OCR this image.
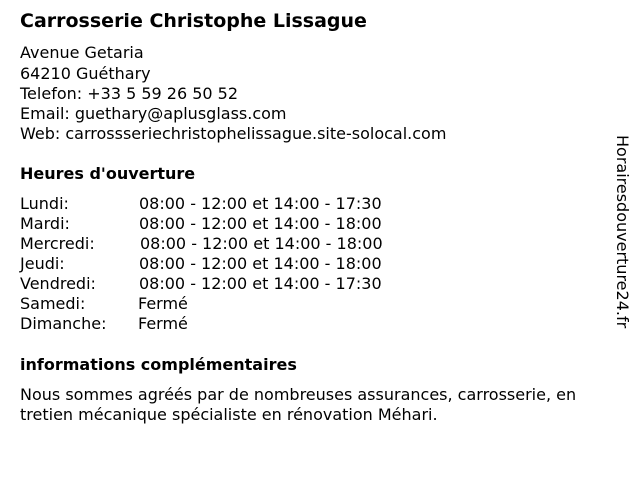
Carrosserie Christophe Lissague
Avenue Getaria
64210 Guéthary
Telefon: +33 5 59 26 50 52
Email: guethary@aplusglass.com
Web: carrossseriechristophelissague.site-solocal.com
Heures d'ouverture
Lundi:	08:00 - 12:00 et 14:00 - 17:30
Mardi:	08:00 - 12:00 et 14:00 - 18:00
Mercredi:	08:00 - 12:00 et 14:00 - 18:00
Jeudi:	08:00 - 12:00 et 14:00 - 18:00
Vendredi:	08:00 - 12:00 et 14:00 - 17:30
Samedi:	Fermé
Dimanche: Fermé
informations complémentaires
Nous sommes agréés par de nombreuses assurances, carrosserie, en tretien mécanique spécialiste en rénovation Méhari.
Horairesdouverture24.fr
